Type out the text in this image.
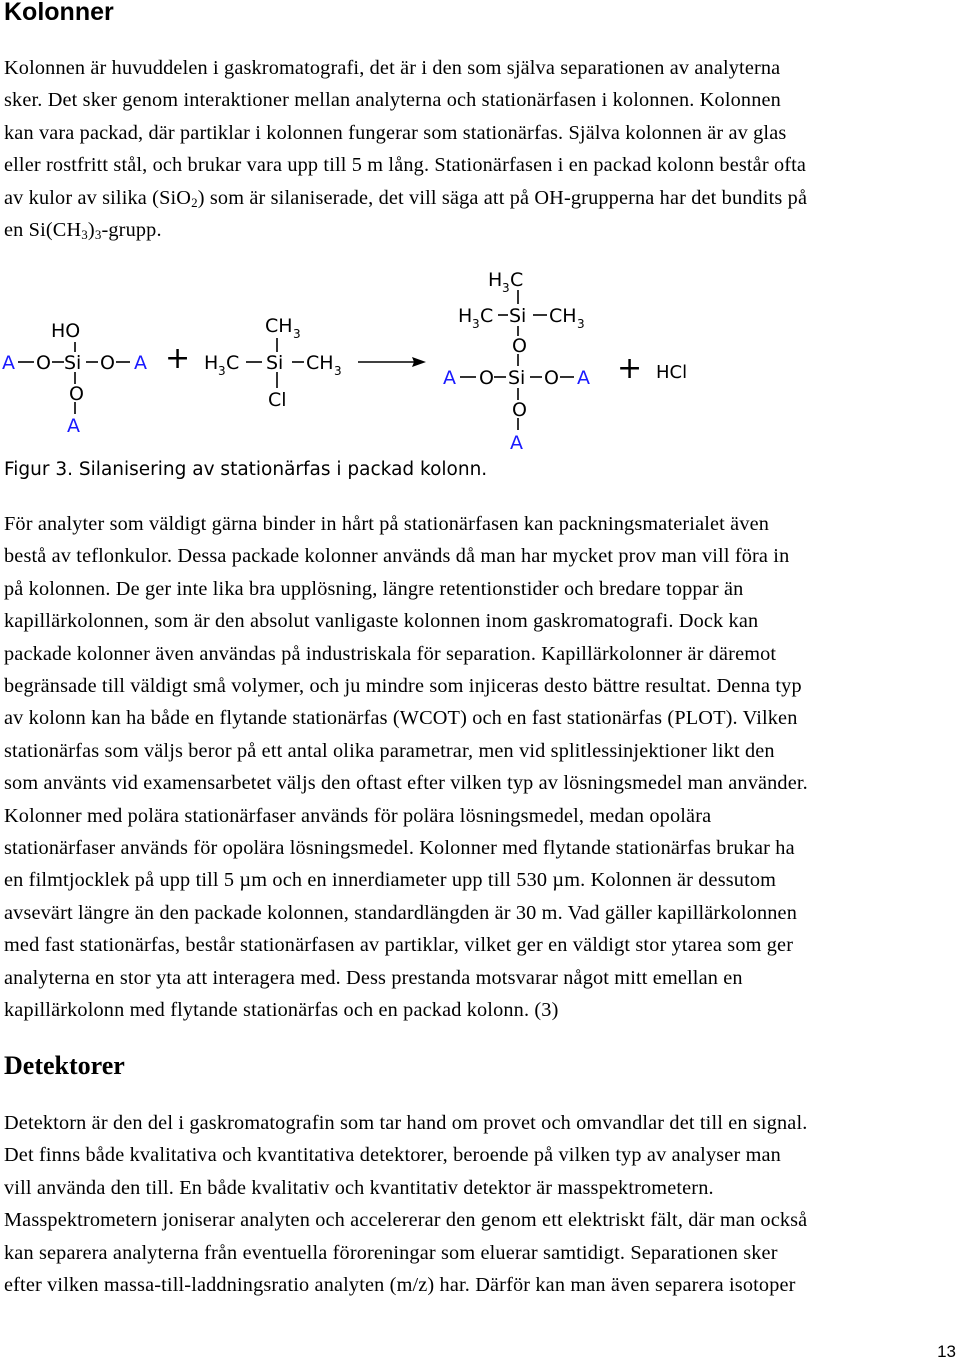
Kolonner

Kolonnen är huvuddelen i gaskromatografi, det är i den som själva separationen av analyterna
sker. Det sker genom interaktioner mellan analyterna och stationärfasen i kolonnen. Kolonnen
kan vara packad, där partiklar i kolonnen fungerar som stationärfas. Själva kolonnen är av glas
eller rostfritt stål, och brukar vara upp till 5 m lång. Stationärfasen i en packad kolonn består ofta
av kulor av silika (SiO$_2$) som är silaniserade, det vill säga att på OH-grupperna har det bundits på
en $Si(CH_3)_3$-grupp.

HO
A O Si O A
O
A
+
CH 3
H 3 C Si CH 3
Cl
H 3 C
H 3 C Si CH 3
O
A O Si O A
O
A
+ HCl

Figur 3. Silanisering av stationärfas i packad kolonn.

För analyter som väldigt gärna binder in hårt på stationärfasen kan packningsmaterialet även
bestå av teflonkulor. Dessa packade kolonner används då man har mycket prov man vill föra in
på kolonnen. De ger inte lika bra upplösning, längre retentionstider och bredare toppar än
kapillärkolonnen, som är den absolut vanligaste kolonnen inom gaskromatografi. Dock kan
packade kolonner även användas på industriskala för separation. Kapillärkolonner är däremot
begränsade till väldigt små volymer, och ju mindre som injiceras desto bättre resultat. Denna typ
av kolonn kan ha både en flytande stationärfas (WCOT) och en fast stationärfas (PLOT). Vilken
stationärfas som väljs beror på ett antal olika parametrar, men vid splitlessinjektioner likt den
som använts vid examensarbetet väljs den oftast efter vilken typ av lösningsmedel man använder.
Kolonner med polära stationärfaser används för polära lösningsmedel, medan opolära
stationärfaser används för opolära lösningsmedel. Kolonner med flytande stationärfas brukar ha
en filmtjocklek på upp till 5 µm och en innerdiameter upp till 530 µm. Kolonnen är dessutom
avsevärt längre än den packade kolonnen, standardlängden är 30 m. Vad gäller kapillärkolonnen
med fast stationärfas, består stationärfasen av partiklar, vilket ger en väldigt stor ytarea som ger
analyterna en stor yta att interagera med. Dess prestanda motsvarar något mitt emellan en
kapillärkolonn med flytande stationärfas och en packad kolonn. (3)

Detektorer

Detektorn är den del i gaskromatografin som tar hand om provet och omvandlar det till en signal.
Det finns både kvalitativa och kvantitativa detektorer, beroende på vilken typ av analyser man
vill använda den till. En både kvalitativ och kvantitativ detektor är masspektrometern.
Masspektrometern joniserar analyten och accelererar den genom ett elektriskt fält, där man också
kan separera analyterna från eventuella föroreningar som eluerar samtidigt. Separationen sker
efter vilken massa-till-laddningsratio analyten (m/z) har. Därför kan man även separera isotoper

13
